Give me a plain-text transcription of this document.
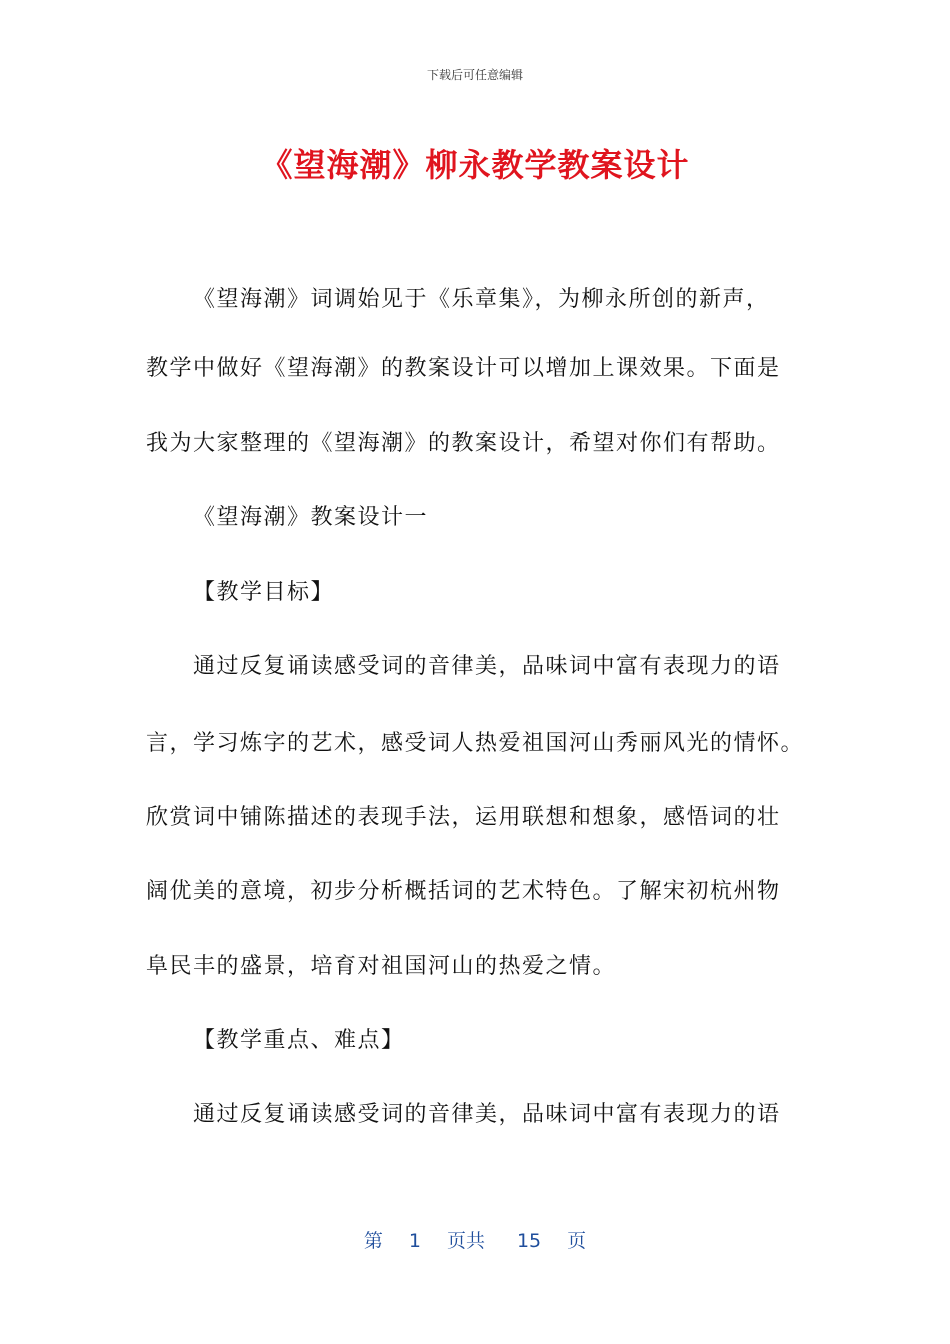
下载后可任意编辑
《望海潮》柳永教学教案设计
《望海潮》词调始见于《乐章集》，为柳永所创的新声，
教学中做好《望海潮》的教案设计可以增加上课效果。下面是
我为大家整理的《望海潮》的教案设计，希望对你们有帮助。
《望海潮》教案设计一
【教学目标】
通过反复诵读感受词的音律美，品味词中富有表现力的语
言，学习炼字的艺术，感受词人热爱祖国河山秀丽风光的情怀。
欣赏词中铺陈描述的表现手法，运用联想和想象，感悟词的壮
阔优美的意境，初步分析概括词的艺术特色。了解宋初杭州物
阜民丰的盛景，培育对祖国河山的热爱之情。
【教学重点、难点】
通过反复诵读感受词的音律美，品味词中富有表现力的语
第 1 页共 15 页
